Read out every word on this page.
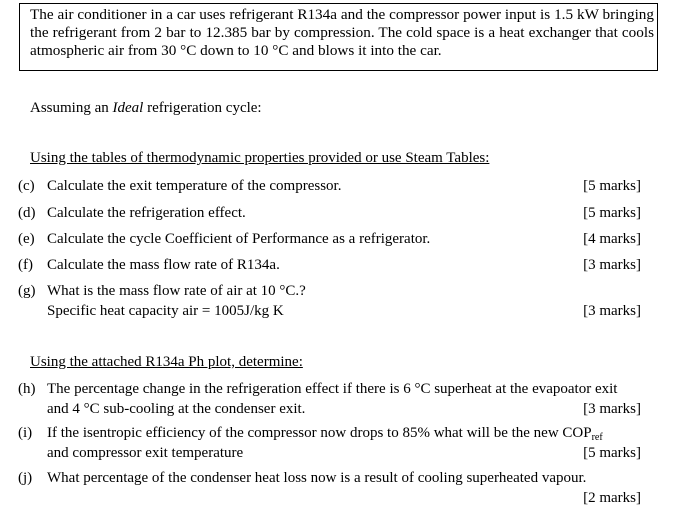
The air conditioner in a car uses refrigerant R134a and the compressor power input is 1.5 kW bringing the refrigerant from 2 bar to 12.385 bar by compression. The cold space is a heat exchanger that cools atmospheric air from 30 °C down to 10 °C and blows it into the car.

Assuming an Ideal refrigeration cycle:

Using the tables of thermodynamic properties provided or use Steam Tables:

(c) Calculate the exit temperature of the compressor.	[5 marks]
(d) Calculate the refrigeration effect.	[5 marks]
(e) Calculate the cycle Coefficient of Performance as a refrigerator.	[4 marks]
(f) Calculate the mass flow rate of R134a.	[3 marks]
(g) What is the mass flow rate of air at 10 °C.?
Specific heat capacity air = 1005J/kg K	[3 marks]

Using the attached R134a Ph plot, determine:

(h) The percentage change in the refrigeration effect if there is 6 °C superheat at the evapoator exit
and 4 °C sub-cooling at the condenser exit.	[3 marks]
(i) If the isentropic efficiency of the compressor now drops to 85% what will be the new $COP_{ref}$
and compressor exit temperature	[5 marks]
(j) What percentage of the condenser heat loss now is a result of cooling superheated vapour.
[2 marks]
